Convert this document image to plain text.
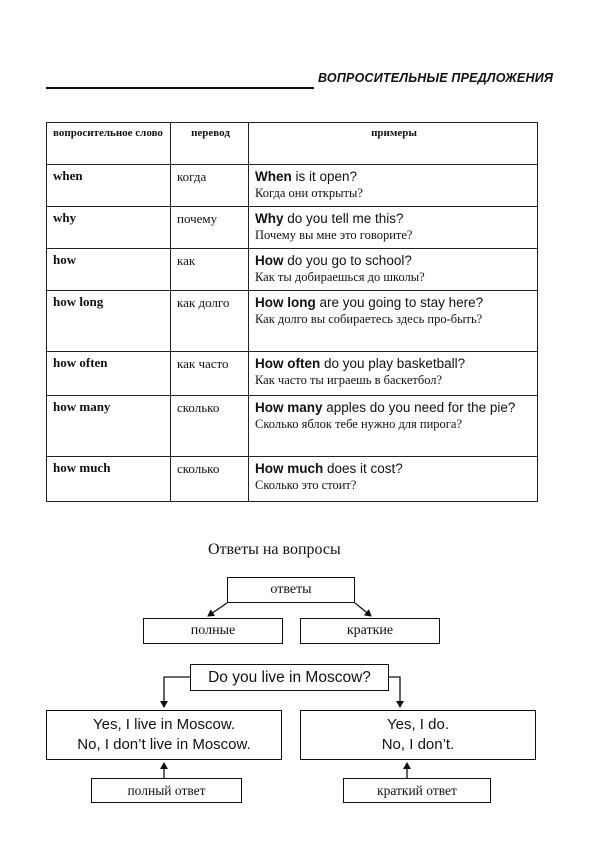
ВОПРОСИТЕЛЬНЫЕ ПРЕДЛОЖЕНИЯ
вопросительное слово	перевод	примеры
when	когда	When is it open?
Когда они открыты?

why	почему	Why do you tell me this?
Почему вы мне это говорите?

how	как	How do you go to school?
Как ты добираешься до школы?

how long	как долго	How long are you going to stay here?
Как долго вы собираетесь здесь про-быть?

how often	как часто	How often do you play basketball?
Как часто ты играешь в баскетбол?

how many	сколько	How many apples do you need for the pie?
Сколько яблок тебе нужно для пирога?

how much	сколько	How much does it cost?
Сколько это стоит?
Ответы на вопросы
ответы
полные	краткие
Do you live in Moscow?
Yes, I live in Moscow.
No, I don’t live in Moscow.
Yes, I do.
No, I don’t.
полный ответ	краткий ответ
